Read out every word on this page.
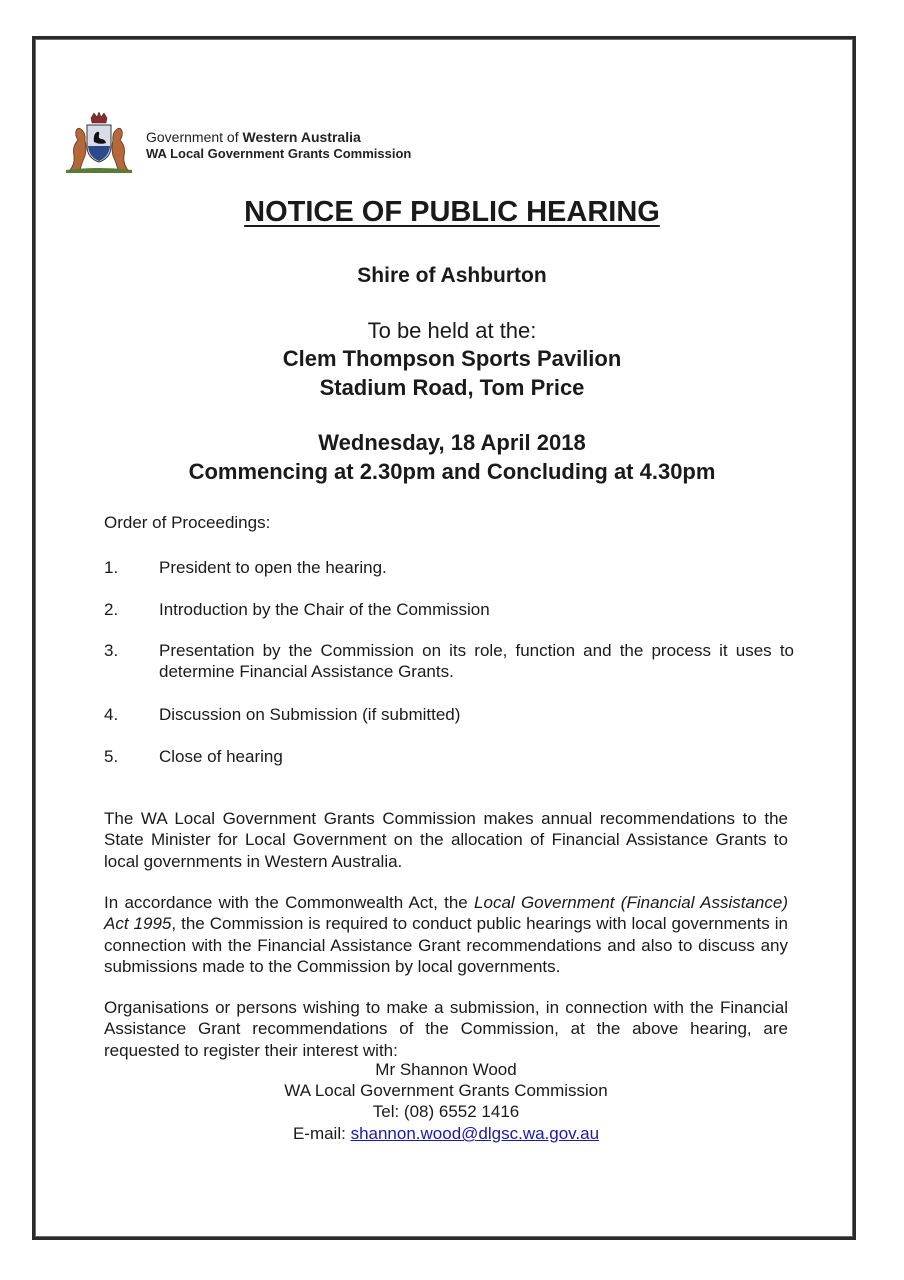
Government of Western Australia
WA Local Government Grants Commission
NOTICE OF PUBLIC HEARING
Shire of Ashburton
To be held at the:
Clem Thompson Sports Pavilion
Stadium Road, Tom Price
Wednesday, 18 April 2018
Commencing at 2.30pm and Concluding at 4.30pm
Order of Proceedings:
1. President to open the hearing.
2. Introduction by the Chair of the Commission
3. Presentation by the Commission on its role, function and the process it uses to determine Financial Assistance Grants.
4. Discussion on Submission (if submitted)
5. Close of hearing
The WA Local Government Grants Commission makes annual recommendations to the State Minister for Local Government on the allocation of Financial Assistance Grants to local governments in Western Australia.
In accordance with the Commonwealth Act, the Local Government (Financial Assistance) Act 1995, the Commission is required to conduct public hearings with local governments in connection with the Financial Assistance Grant recommendations and also to discuss any submissions made to the Commission by local governments.
Organisations or persons wishing to make a submission, in connection with the Financial Assistance Grant recommendations of the Commission, at the above hearing, are requested to register their interest with:
Mr Shannon Wood
WA Local Government Grants Commission
Tel: (08) 6552 1416
E-mail: shannon.wood@dlgsc.wa.gov.au
